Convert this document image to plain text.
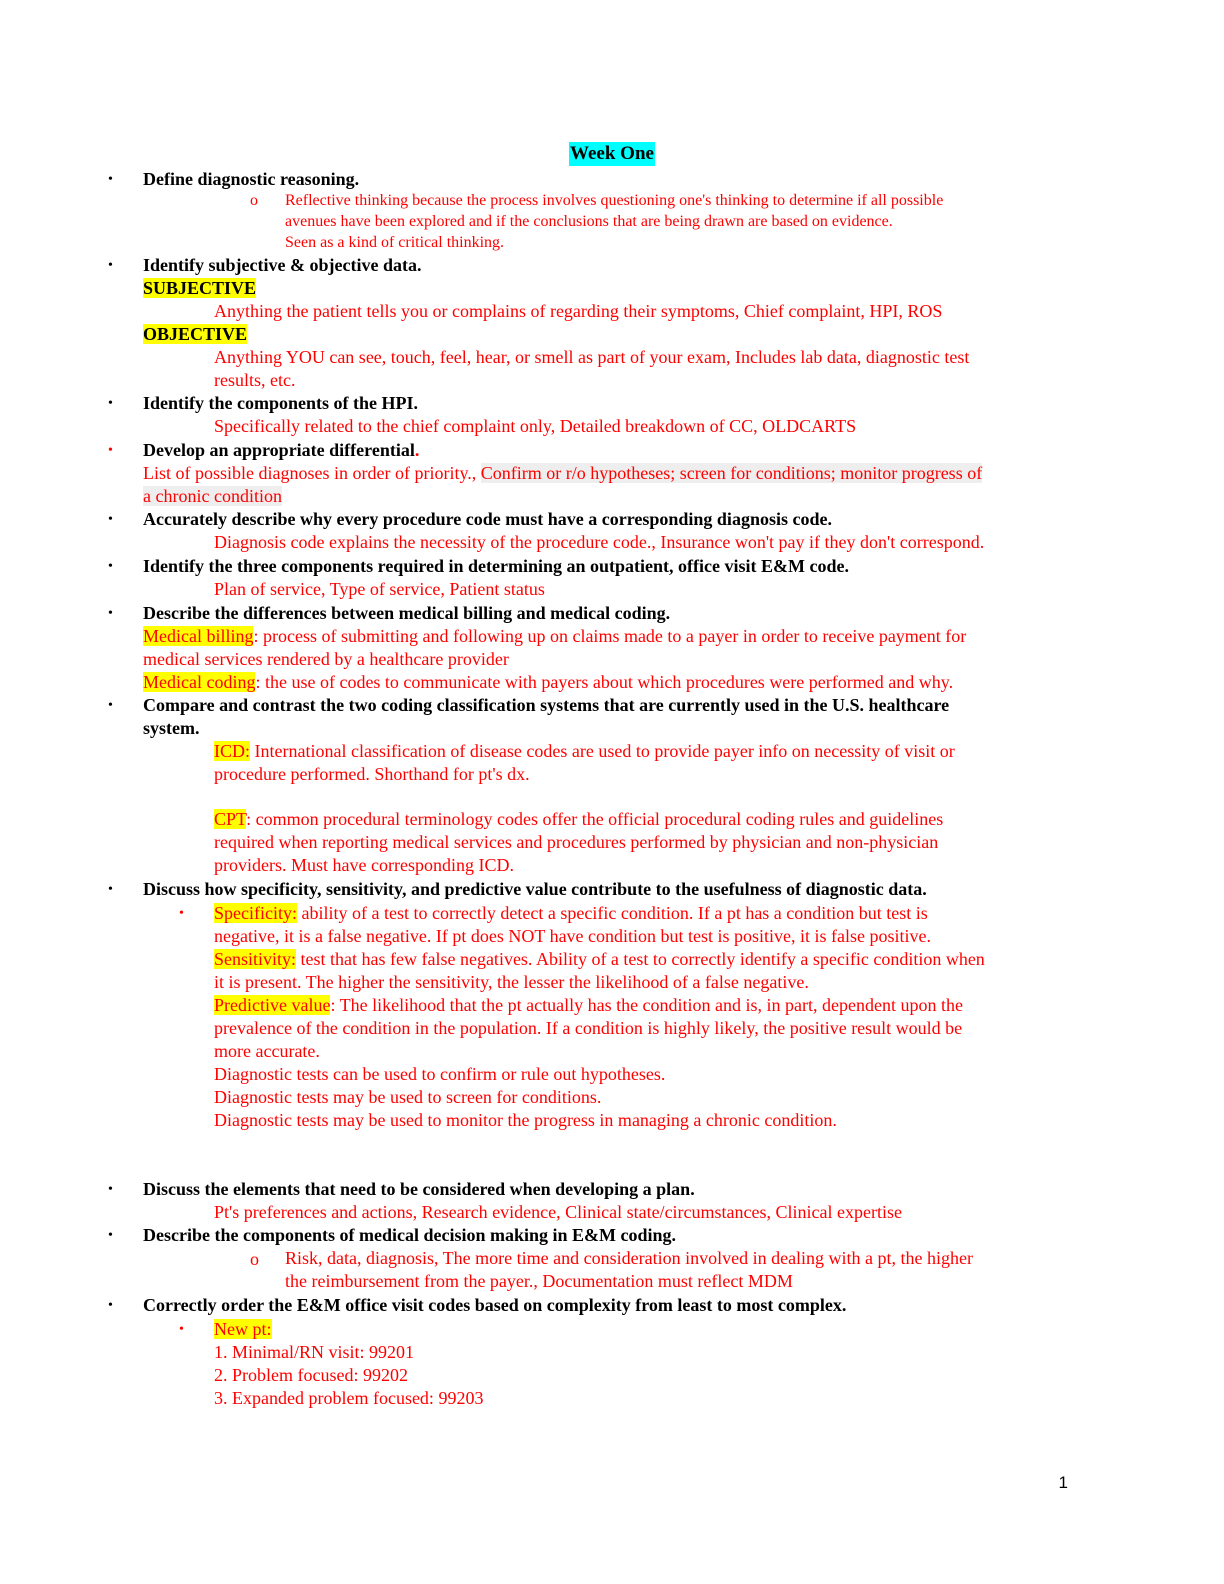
Week One
• Define diagnostic reasoning.
o Reflective thinking because the process involves questioning one's thinking to determine if all possible
avenues have been explored and if the conclusions that are being drawn are based on evidence.
Seen as a kind of critical thinking.
• Identify subjective & objective data.
SUBJECTIVE
Anything the patient tells you or complains of regarding their symptoms, Chief complaint, HPI, ROS
OBJECTIVE
Anything YOU can see, touch, feel, hear, or smell as part of your exam, Includes lab data, diagnostic test
results, etc.
• Identify the components of the HPI.
Specifically related to the chief complaint only, Detailed breakdown of CC, OLDCARTS
• Develop an appropriate differential.
List of possible diagnoses in order of priority., Confirm or r/o hypotheses; screen for conditions; monitor progress of
a chronic condition
• Accurately describe why every procedure code must have a corresponding diagnosis code.
Diagnosis code explains the necessity of the procedure code., Insurance won't pay if they don't correspond.
• Identify the three components required in determining an outpatient, office visit E&M code.
Plan of service, Type of service, Patient status
• Describe the differences between medical billing and medical coding.
Medical billing: process of submitting and following up on claims made to a payer in order to receive payment for
medical services rendered by a healthcare provider
Medical coding: the use of codes to communicate with payers about which procedures were performed and why.
• Compare and contrast the two coding classification systems that are currently used in the U.S. healthcare
system.
ICD: International classification of disease codes are used to provide payer info on necessity of visit or
procedure performed. Shorthand for pt's dx.
CPT: common procedural terminology codes offer the official procedural coding rules and guidelines
required when reporting medical services and procedures performed by physician and non-physician
providers. Must have corresponding ICD.
• Discuss how specificity, sensitivity, and predictive value contribute to the usefulness of diagnostic data.
• Specificity: ability of a test to correctly detect a specific condition. If a pt has a condition but test is
negative, it is a false negative. If pt does NOT have condition but test is positive, it is false positive.
Sensitivity: test that has few false negatives. Ability of a test to correctly identify a specific condition when
it is present. The higher the sensitivity, the lesser the likelihood of a false negative.
Predictive value: The likelihood that the pt actually has the condition and is, in part, dependent upon the
prevalence of the condition in the population. If a condition is highly likely, the positive result would be
more accurate.
Diagnostic tests can be used to confirm or rule out hypotheses.
Diagnostic tests may be used to screen for conditions.
Diagnostic tests may be used to monitor the progress in managing a chronic condition.
• Discuss the elements that need to be considered when developing a plan.
Pt's preferences and actions, Research evidence, Clinical state/circumstances, Clinical expertise
• Describe the components of medical decision making in E&M coding.
o Risk, data, diagnosis, The more time and consideration involved in dealing with a pt, the higher
the reimbursement from the payer., Documentation must reflect MDM
• Correctly order the E&M office visit codes based on complexity from least to most complex.
• New pt:
1. Minimal/RN visit: 99201
2. Problem focused: 99202
3. Expanded problem focused: 99203
1
